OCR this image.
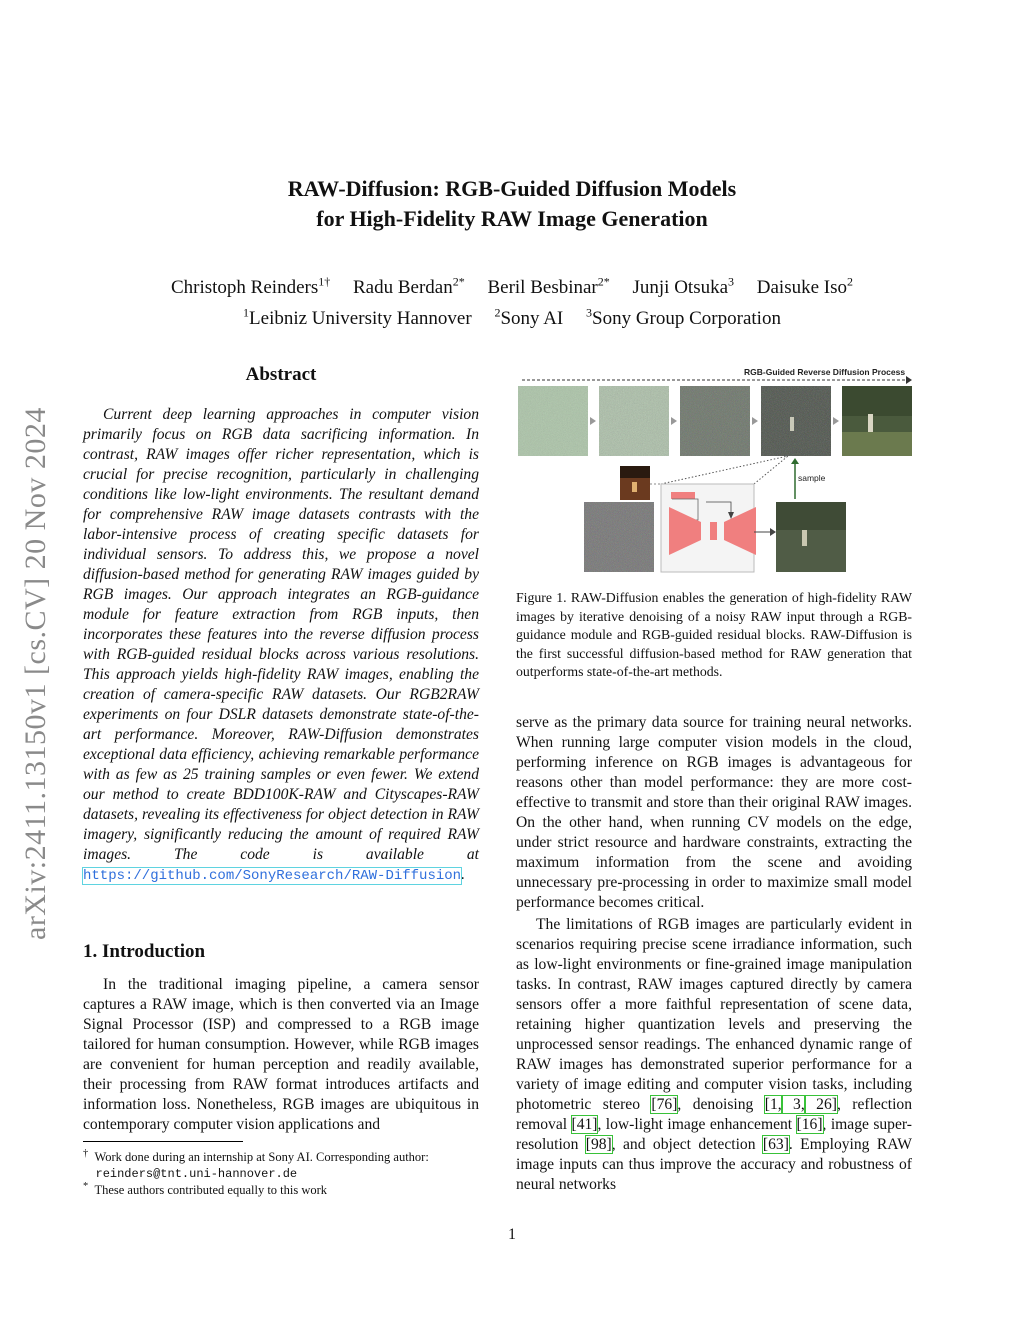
arXiv:2411.13150v1 [cs.CV] 20 Nov 2024
RAW-Diffusion: RGB-Guided Diffusion Models
for High-Fidelity RAW Image Generation
Christoph Reinders$^{1\dagger}$ Radu Berdan$^{2*}$ Beril Besbinar$^{2*}$ Junji Otsuka$^3$ Daisuke Iso$^2$
$^1$Leibniz University Hannover $^2$Sony AI $^3$Sony Group Corporation
Abstract

Current deep learning approaches in computer vision primarily focus on RGB data sacrificing information. In contrast, RAW images offer richer representation, which is crucial for precise recognition, particularly in challenging conditions like low-light environments. The resultant demand for comprehensive RAW image datasets contrasts with the labor-intensive process of creating specific datasets for individual sensors. To address this, we propose a novel diffusion-based method for generating RAW images guided by RGB images. Our approach integrates an RGB-guidance module for feature extraction from RGB inputs, then incorporates these features into the reverse diffusion process with RGB-guided residual blocks across various resolutions. This approach yields high-fidelity RAW images, enabling the creation of camera-specific RAW datasets. Our RGB2RAW experiments on four DSLR datasets demonstrate state-of-the-art performance. Moreover, RAW-Diffusion demonstrates exceptional data efficiency, achieving remarkable performance with as few as 25 training samples or even fewer. We extend our method to create BDD100K-RAW and Cityscapes-RAW datasets, revealing its effectiveness for object detection in RAW imagery, significantly reducing the amount of required RAW images. The code is available at https://github.com/SonyResearch/RAW-Diffusion.

1. Introduction

In the traditional imaging pipeline, a camera sensor captures a RAW image, which is then converted via an Image Signal Processor (ISP) and compressed to a RGB image tailored for human consumption. However, while RGB images are convenient for human perception and readily available, their processing from RAW format introduces artifacts and information loss. Nonetheless, RGB images are ubiquitous in contemporary computer vision applications and

† Work done during an internship at Sony AI. Corresponding author:
reinders@tnt.uni-hannover.de
* These authors contributed equally to this work
RGB-Guided Reverse Diffusion Process
sample
Figure 1. RAW-Diffusion enables the generation of high-fidelity RAW images by iterative denoising of a noisy RAW input through a RGB-guidance module and RGB-guided residual blocks. RAW-Diffusion is the first successful diffusion-based method for RAW generation that outperforms state-of-the-art methods.

serve as the primary data source for training neural networks. When running large computer vision models in the cloud, performing inference on RGB images is advantageous for reasons other than model performance: they are more cost-effective to transmit and store than their original RAW images. On the other hand, when running CV models on the edge, under strict resource and hardware constraints, extracting the maximum information from the scene and avoiding unnecessary pre-processing in order to maximize small model performance becomes critical.

The limitations of RGB images are particularly evident in scenarios requiring precise scene irradiance information, such as low-light environments or fine-grained image manipulation tasks. In contrast, RAW images captured directly by camera sensors offer a more faithful representation of scene data, retaining higher quantization levels and preserving the unprocessed sensor readings. The enhanced dynamic range of RAW images has demonstrated superior performance for a variety of image editing and computer vision tasks, including photometric stereo [76], denoising [1, 3, 26], reflection removal [41], low-light image enhancement [16], image super-resolution [98], and object detection [63]. Employing RAW image inputs can thus improve the accuracy and robustness of neural networks

1
